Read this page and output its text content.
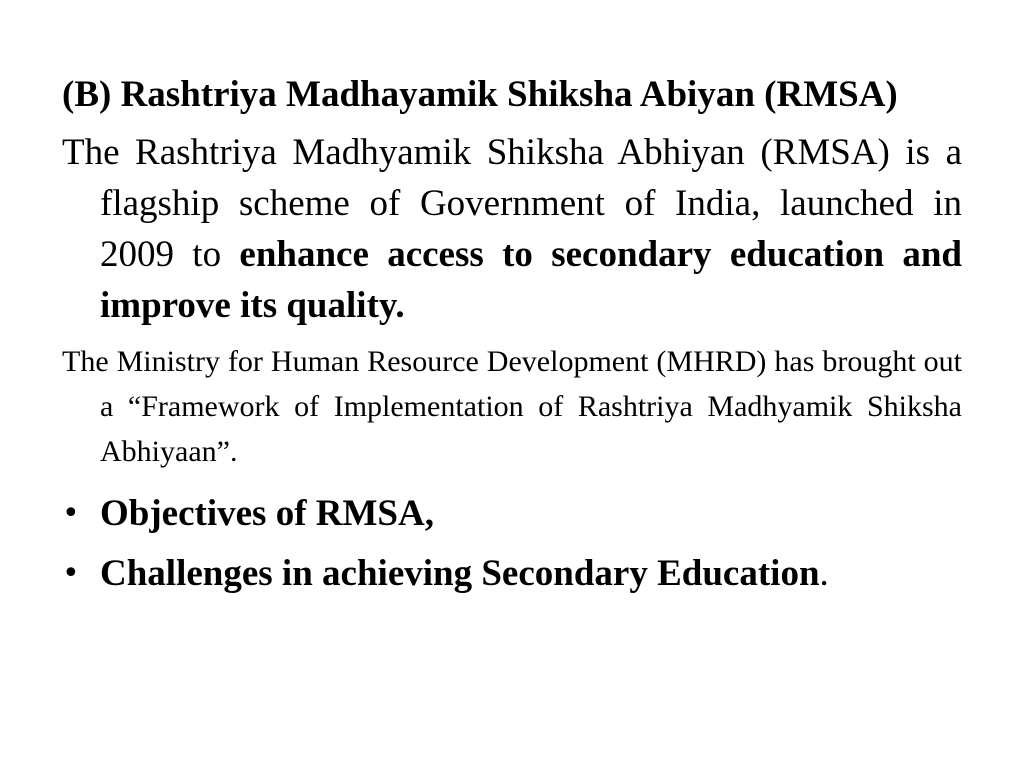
(B) Rashtriya Madhayamik Shiksha Abiyan (RMSA)

The Rashtriya Madhyamik Shiksha Abhiyan (RMSA) is a flagship scheme of Government of India, launched in 2009 to enhance access to secondary education and improve its quality.

The Ministry for Human Resource Development (MHRD) has brought out a “Framework of Implementation of Rashtriya Madhyamik Shiksha Abhiyaan”.

• Objectives of RMSA,
• Challenges in achieving Secondary Education.
